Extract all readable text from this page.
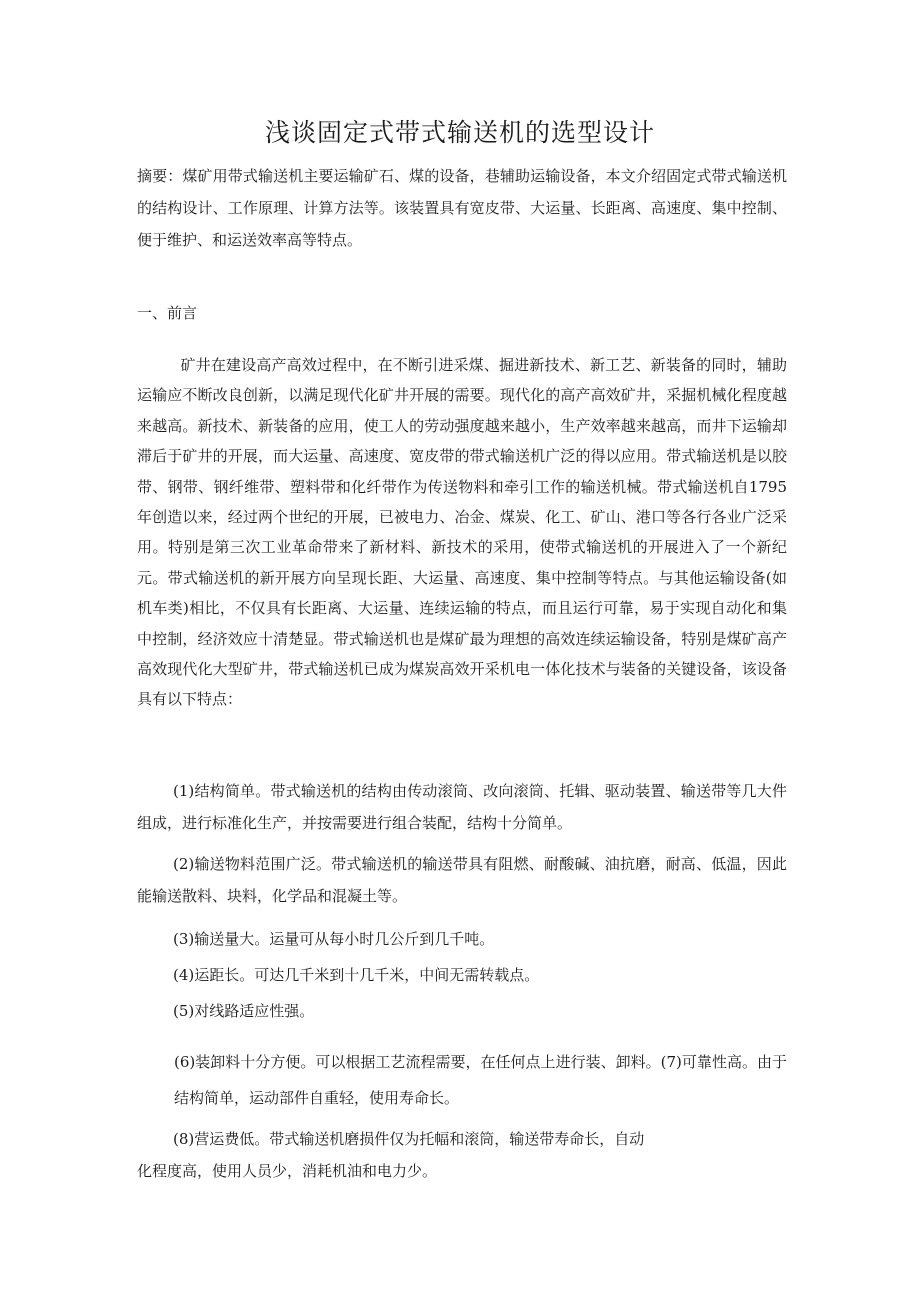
浅谈固定式带式输送机的选型设计

摘要：煤矿用带式输送机主要运输矿石、煤的设备，巷辅助运输设备，本文介绍固定式带式输送机的结构设计、工作原理、计算方法等。该装置具有宽皮带、大运量、长距离、高速度、集中控制、便于维护、和运送效率高等特点。

一、前言

矿井在建设高产高效过程中，在不断引进采煤、掘进新技术、新工艺、新装备的同时，辅助运输应不断改良创新，以满足现代化矿井开展的需要。现代化的高产高效矿井，采掘机械化程度越来越高。新技术、新装备的应用，使工人的劳动强度越来越小，生产效率越来越高，而井下运输却滞后于矿井的开展，而大运量、高速度、宽皮带的带式输送机广泛的得以应用。带式输送机是以胶带、钢带、钢纤维带、塑料带和化纤带作为传送物料和牵引工作的输送机械。带式输送机自1795年创造以来，经过两个世纪的开展，已被电力、冶金、煤炭、化工、矿山、港口等各行各业广泛采用。特别是第三次工业革命带来了新材料、新技术的采用，使带式输送机的开展进入了一个新纪元。带式输送机的新开展方向呈现长距、大运量、高速度、集中控制等特点。与其他运输设备(如机车类)相比，不仅具有长距离、大运量、连续运输的特点，而且运行可靠，易于实现自动化和集中控制，经济效应十清楚显。带式输送机也是煤矿最为理想的高效连续运输设备，特别是煤矿高产高效现代化大型矿井，带式输送机已成为煤炭高效开采机电一体化技术与装备的关键设备，该设备具有以下特点：

(1)结构简单。带式输送机的结构由传动滚筒、改向滚筒、托辑、驱动装置、输送带等几大件组成，进行标准化生产，并按需要进行组合装配，结构十分简单。

(2)输送物料范围广泛。带式输送机的输送带具有阻燃、耐酸碱、油抗磨，耐高、低温，因此能输送散料、块料，化学品和混凝土等。

(3)输送量大。运量可从每小时几公斤到几千吨。

(4)运距长。可达几千米到十几千米，中间无需转载点。

(5)对线路适应性强。

(6)装卸料十分方便。可以根据工艺流程需要，在任何点上进行装、卸料。(7)可靠性高。由于结构简单，运动部件自重轻，使用寿命长。

(8)营运费低。带式输送机磨损件仅为托幅和滚筒，输送带寿命长，自动
化程度高，使用人员少，消耗机油和电力少。
